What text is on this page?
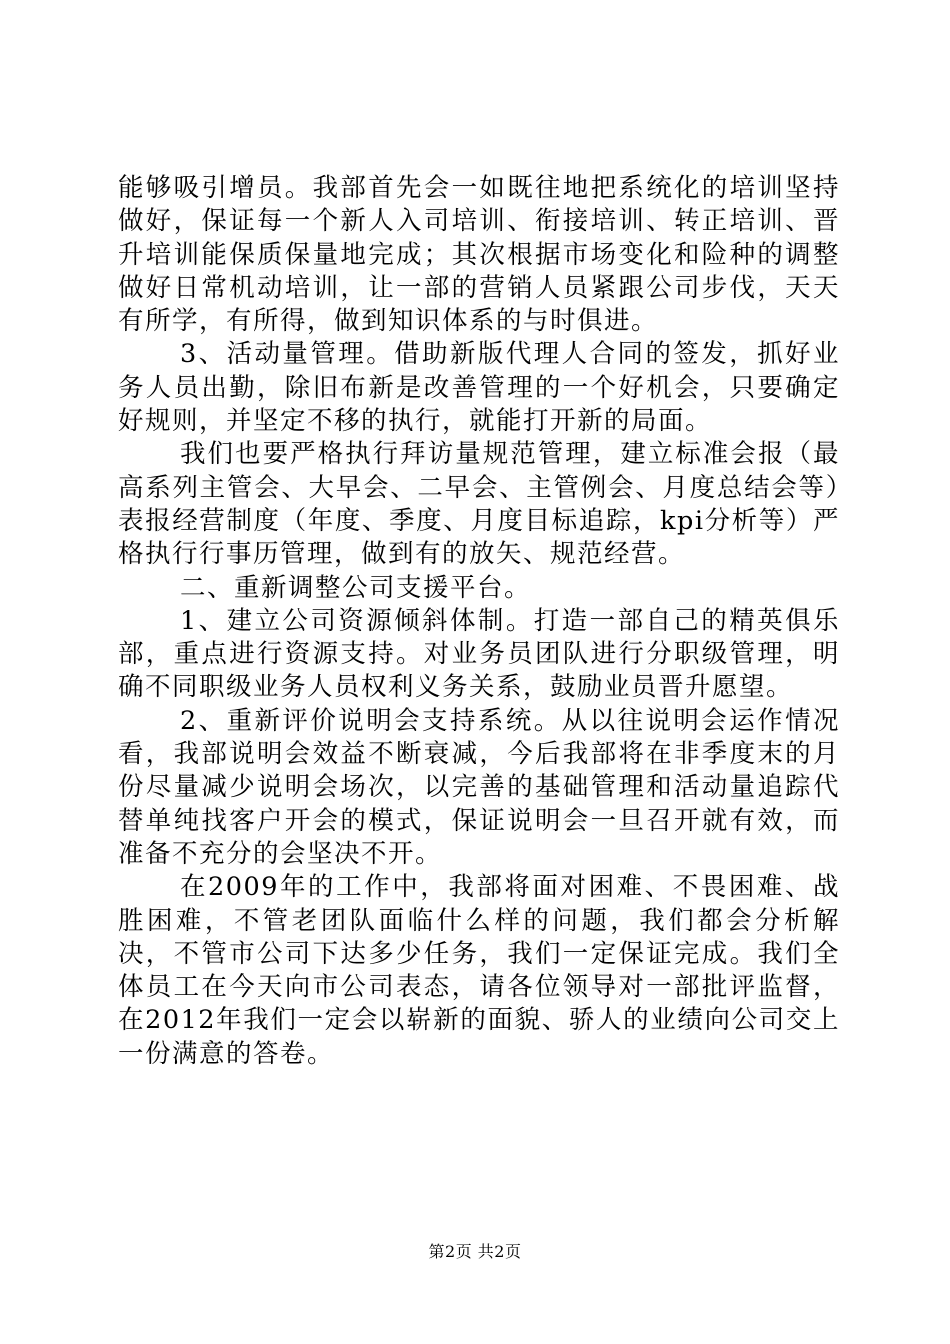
能够吸引增员。我部首先会一如既往地把系统化的培训坚持做好，保证每一个新人入司培训、衔接培训、转正培训、晋升培训能保质保量地完成；其次根据市场变化和险种的调整做好日常机动培训，让一部的营销人员紧跟公司步伐，天天有所学，有所得，做到知识体系的与时俱进。

3、活动量管理。借助新版代理人合同的签发，抓好业务人员出勤，除旧布新是改善管理的一个好机会，只要确定好规则，并坚定不移的执行，就能打开新的局面。

我们也要严格执行拜访量规范管理，建立标准会报（最高系列主管会、大早会、二早会、主管例会、月度总结会等）表报经营制度（年度、季度、月度目标追踪，kpi分析等）严格执行行事历管理，做到有的放矢、规范经营。

二、重新调整公司支援平台。

1、建立公司资源倾斜体制。打造一部自己的精英俱乐部，重点进行资源支持。对业务员团队进行分职级管理，明确不同职级业务人员权利义务关系，鼓励业员晋升愿望。

2、重新评价说明会支持系统。从以往说明会运作情况看，我部说明会效益不断衰减，今后我部将在非季度末的月份尽量减少说明会场次，以完善的基础管理和活动量追踪代替单纯找客户开会的模式，保证说明会一旦召开就有效，而准备不充分的会坚决不开。

在2009年的工作中，我部将面对困难、不畏困难、战胜困难，不管老团队面临什么样的问题，我们都会分析解决，不管市公司下达多少任务，我们一定保证完成。我们全体员工在今天向市公司表态，请各位领导对一部批评监督，在2012年我们一定会以崭新的面貌、骄人的业绩向公司交上一份满意的答卷。

第2页 共2页
